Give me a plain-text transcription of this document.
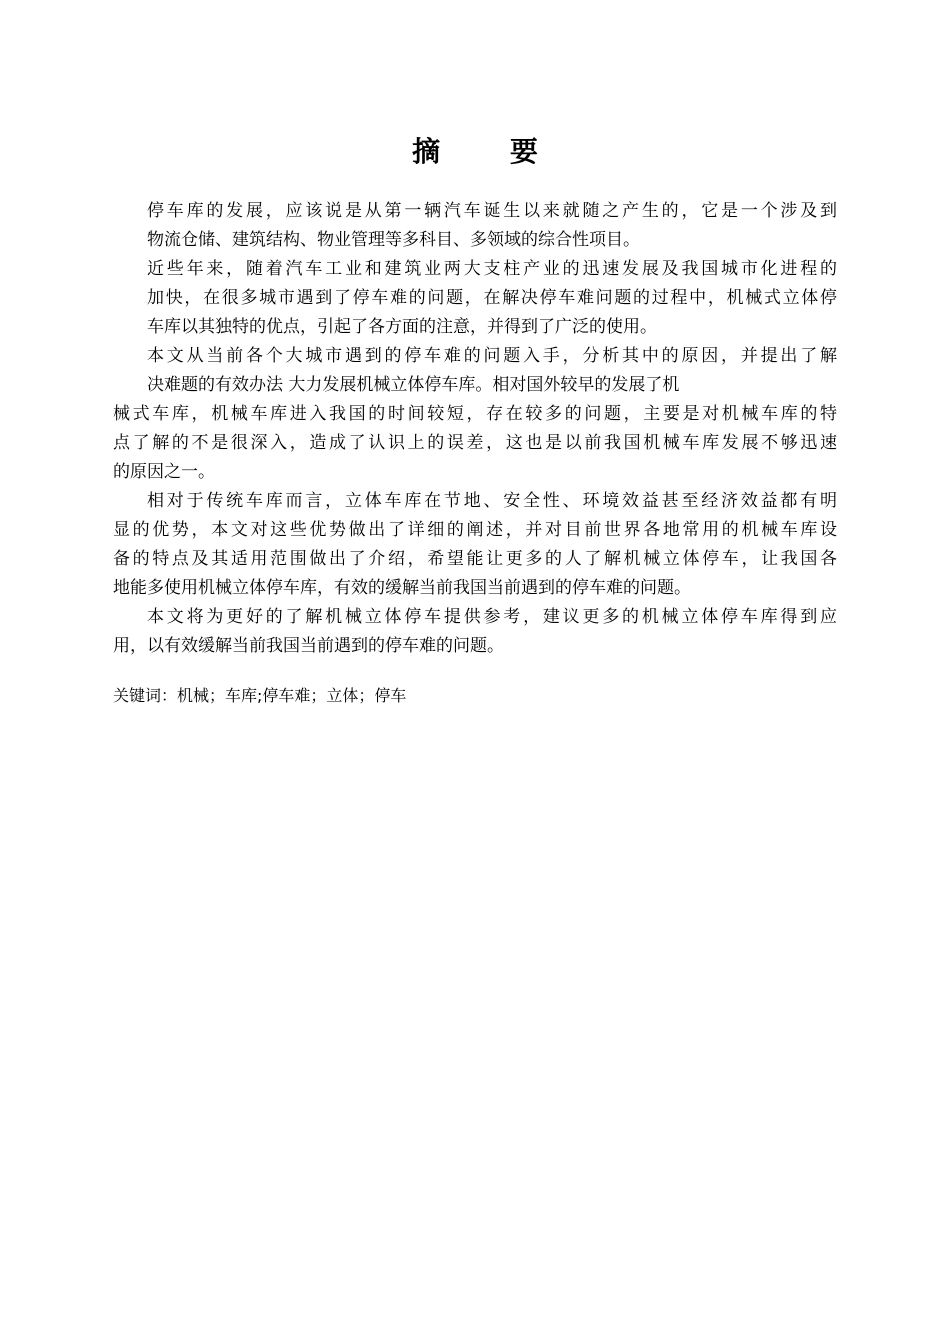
摘 要

停车库的发展，应该说是从第一辆汽车诞生以来就随之产生的，它是一个涉及到
物流仓储、建筑结构、物业管理等多科目、多领域的综合性项目。

近些年来，随着汽车工业和建筑业两大支柱产业的迅速发展及我国城市化进程的
加快，在很多城市遇到了停车难的问题，在解决停车难问题的过程中，机械式立体停
车库以其独特的优点，引起了各方面的注意，并得到了广泛的使用。

本文从当前各个大城市遇到的停车难的问题入手，分析其中的原因，并提出了解
决难题的有效办法 大力发展机械立体停车库。相对国外较早的发展了机
械式车库，机械车库进入我国的时间较短，存在较多的问题，主要是对机械车库的特
点了解的不是很深入，造成了认识上的误差，这也是以前我国机械车库发展不够迅速
的原因之一。

相对于传统车库而言，立体车库在节地、安全性、环境效益甚至经济效益都有明
显的优势，本文对这些优势做出了详细的阐述，并对目前世界各地常用的机械车库设
备的特点及其适用范围做出了介绍，希望能让更多的人了解机械立体停车，让我国各
地能多使用机械立体停车库，有效的缓解当前我国当前遇到的停车难的问题。

本文将为更好的了解机械立体停车提供参考，建议更多的机械立体停车库得到应
用，以有效缓解当前我国当前遇到的停车难的问题。

关键词：机械；车库;停车难；立体；停车
